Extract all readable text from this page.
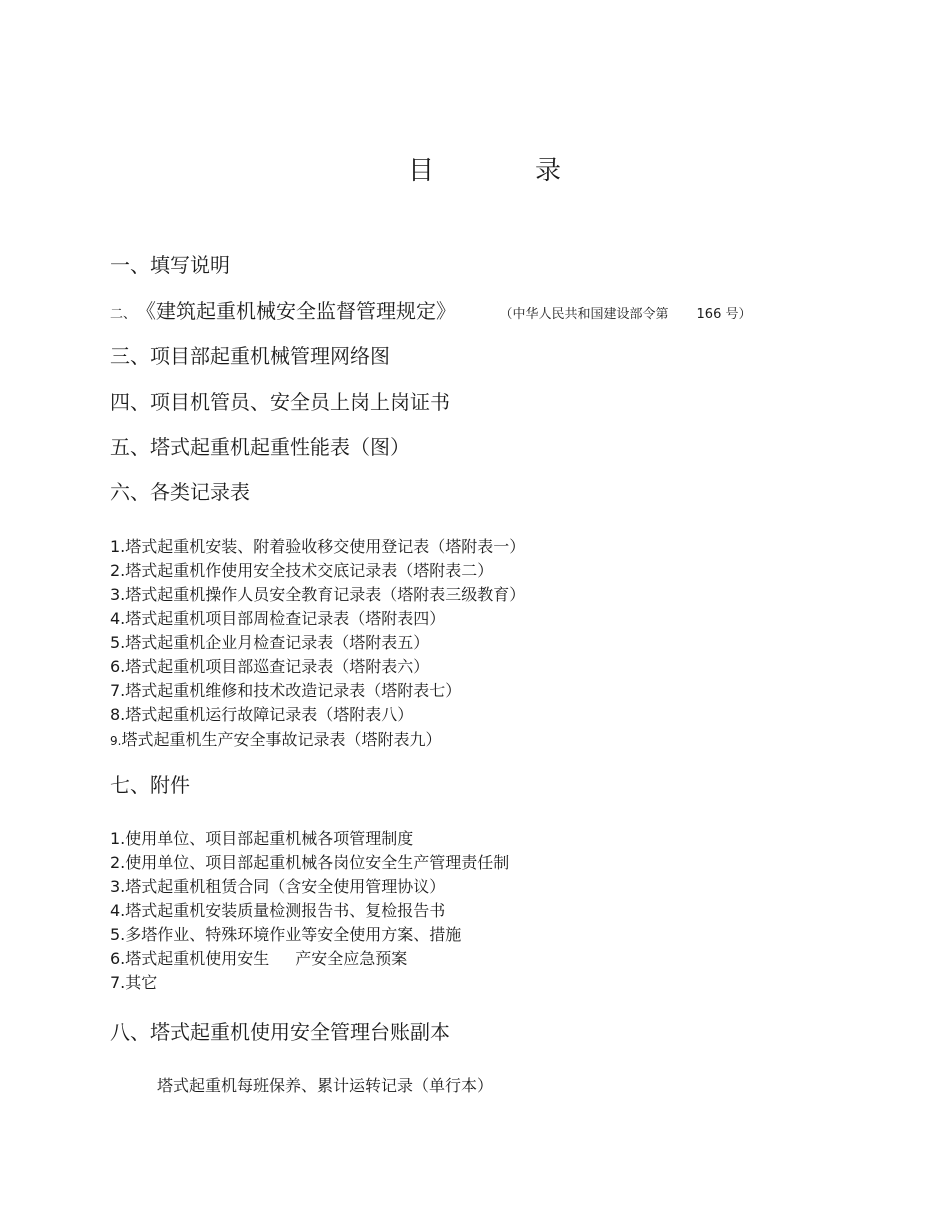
目	录
一、填写说明
二、 《建筑起重机械安全监督管理规定》	（中华人民共和国建设部令第 166 号）
三、项目部起重机械管理网络图
四、项目机管员、安全员上岗上岗证书
五、塔式起重机起重性能表（图）
六、各类记录表
1.塔式起重机安装、附着验收移交使用登记表（塔附表一）
2.塔式起重机作使用安全技术交底记录表（塔附表二）
3.塔式起重机操作人员安全教育记录表（塔附表三级教育）
4.塔式起重机项目部周检查记录表（塔附表四）
5.塔式起重机企业月检查记录表（塔附表五）
6.塔式起重机项目部巡查记录表（塔附表六）
7.塔式起重机维修和技术改造记录表（塔附表七）
8.塔式起重机运行故障记录表（塔附表八）
9.塔式起重机生产安全事故记录表（塔附表九）
七、附件
1.使用单位、项目部起重机械各项管理制度
2.使用单位、项目部起重机械各岗位安全生产管理责任制
3.塔式起重机租赁合同（含安全使用管理协议）
4.塔式起重机安装质量检测报告书、复检报告书
5.多塔作业、特殊环境作业等安全使用方案、措施
6.塔式起重机使用安生 产安全应急预案
7.其它
八、塔式起重机使用安全管理台账副本
塔式起重机每班保养、累计运转记录（单行本）
